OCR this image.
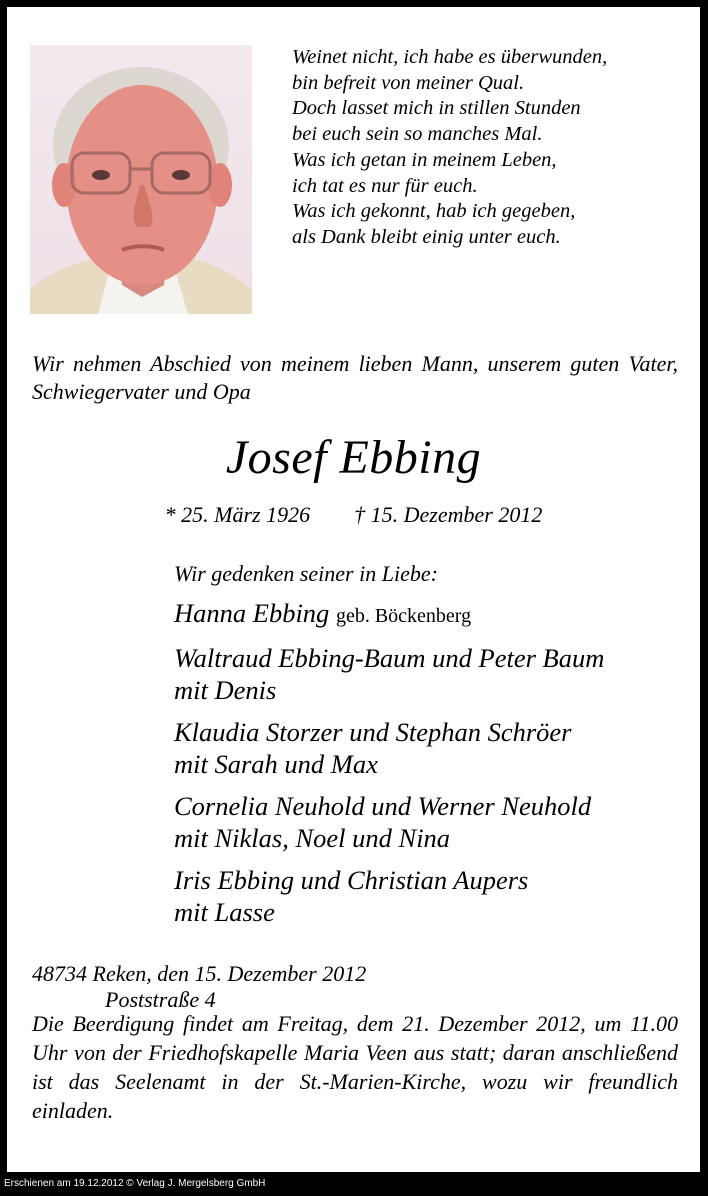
Weinet nicht, ich habe es überwunden,
bin befreit von meiner Qual.
Doch lasset mich in stillen Stunden
bei euch sein so manches Mal.
Was ich getan in meinem Leben,
ich tat es nur für euch.
Was ich gekonnt, hab ich gegeben,
als Dank bleibt einig unter euch.
Wir nehmen Abschied von meinem lieben Mann, unserem guten Vater, Schwiegervater und Opa
Josef Ebbing
* 25. März 1926 † 15. Dezember 2012
Wir gedenken seiner in Liebe:
Hanna Ebbing geb. Böckenberg
Waltraud Ebbing-Baum und Peter Baum
mit Denis
Klaudia Storzer und Stephan Schröer
mit Sarah und Max
Cornelia Neuhold und Werner Neuhold
mit Niklas, Noel und Nina
Iris Ebbing und Christian Aupers
mit Lasse
48734 Reken, den 15. Dezember 2012
Poststraße 4
Die Beerdigung findet am Freitag, dem 21. Dezember 2012, um 11.00 Uhr von der Friedhofskapelle Maria Veen aus statt; daran anschließend ist das Seelenamt in der St.-Marien-Kirche, wozu wir freundlich einladen.
Erschienen am 19.12.2012 © Verlag J. Mergelsberg GmbH
